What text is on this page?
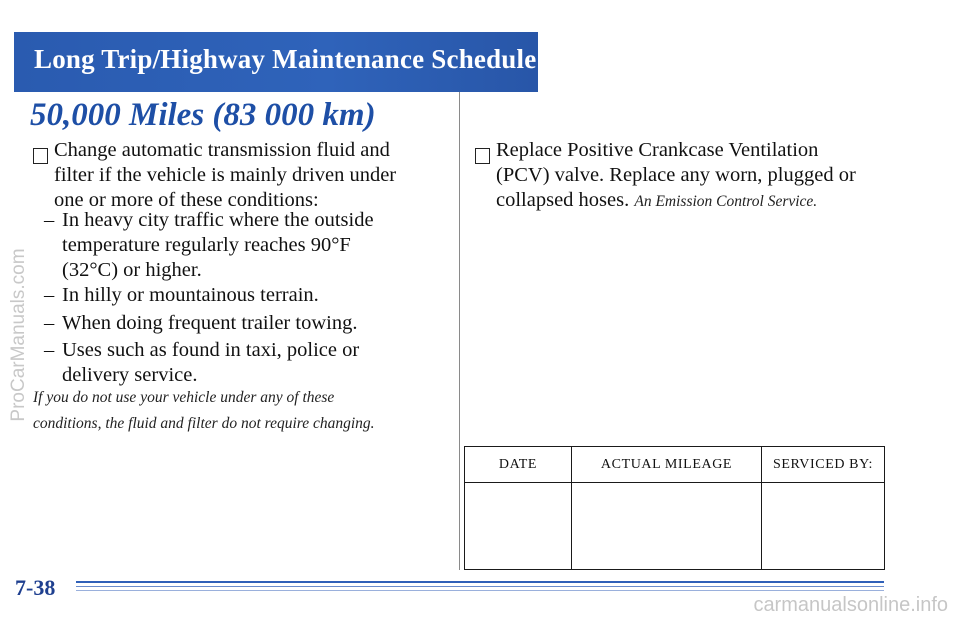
Long Trip/Highway Maintenance Schedule
50,000 Miles (83 000 km)
Change automatic transmission fluid and
filter if the vehicle is mainly driven under
one or more of these conditions:
– In heavy city traffic where the outside
temperature regularly reaches 90°F
(32°C) or higher.
– In hilly or mountainous terrain.
– When doing frequent trailer towing.
– Uses such as found in taxi, police or
delivery service.
If you do not use your vehicle under any of these
conditions, the fluid and filter do not require changing.
Replace Positive Crankcase Ventilation
(PCV) valve. Replace any worn, plugged or
collapsed hoses. An Emission Control Service.
DATE	ACTUAL MILEAGE	SERVICED BY:

7-38
ProCarManuals.com
carmanualsonline.info
